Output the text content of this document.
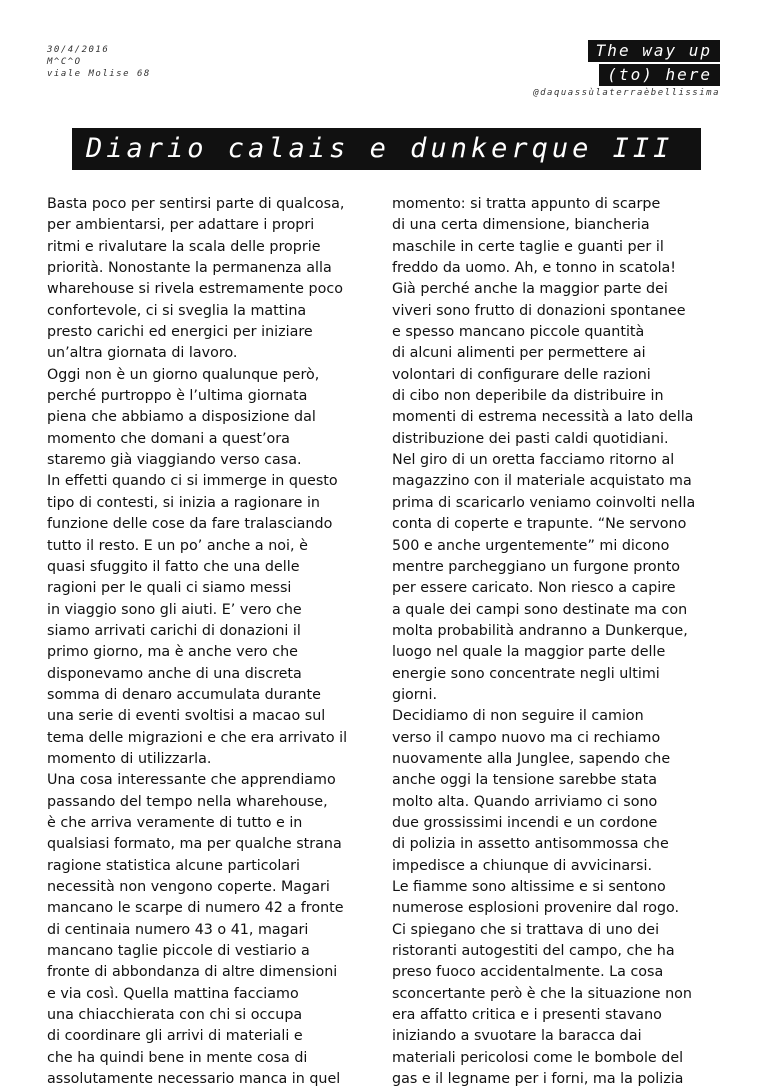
30/4/2016
M^C^O
viale Molise 68
The way up
(to) here
@daquassùlaterraèbellissima
Diario calais e dunkerque III
Basta poco per sentirsi parte di qualcosa,
per ambientarsi, per adattare i propri
ritmi e rivalutare la scala delle proprie
priorità. Nonostante la permanenza alla
wharehouse si rivela estremamente poco
confortevole, ci si sveglia la mattina
presto carichi ed energici per iniziare
un’altra giornata di lavoro.
Oggi non è un giorno qualunque però,
perché purtroppo è l’ultima giornata
piena che abbiamo a disposizione dal
momento che domani a quest’ora
staremo già viaggiando verso casa.
In effetti quando ci si immerge in questo
tipo di contesti, si inizia a ragionare in
funzione delle cose da fare tralasciando
tutto il resto. E un po’ anche a noi, è
quasi sfuggito il fatto che una delle
ragioni per le quali ci siamo messi
in viaggio sono gli aiuti. E’ vero che
siamo arrivati carichi di donazioni il
primo giorno, ma è anche vero che
disponevamo anche di una discreta
somma di denaro accumulata durante
una serie di eventi svoltisi a macao sul
tema delle migrazioni e che era arrivato il
momento di utilizzarla.
Una cosa interessante che apprendiamo
passando del tempo nella wharehouse,
è che arriva veramente di tutto e in
qualsiasi formato, ma per qualche strana
ragione statistica alcune particolari
necessità non vengono coperte. Magari
mancano le scarpe di numero 42 a fronte
di centinaia numero 43 o 41, magari
mancano taglie piccole di vestiario a
fronte di abbondanza di altre dimensioni
e via così. Quella mattina facciamo
una chiacchierata con chi si occupa
di coordinare gli arrivi di materiali e
che ha quindi bene in mente cosa di
assolutamente necessario manca in quel
momento: si tratta appunto di scarpe
di una certa dimensione, biancheria
maschile in certe taglie e guanti per il
freddo da uomo. Ah, e tonno in scatola!
Già perché anche la maggior parte dei
viveri sono frutto di donazioni spontanee
e spesso mancano piccole quantità
di alcuni alimenti per permettere ai
volontari di configurare delle razioni
di cibo non deperibile da distribuire in
momenti di estrema necessità a lato della
distribuzione dei pasti caldi quotidiani.
Nel giro di un oretta facciamo ritorno al
magazzino con il materiale acquistato ma
prima di scaricarlo veniamo coinvolti nella
conta di coperte e trapunte. “Ne servono
500 e anche urgentemente” mi dicono
mentre parcheggiano un furgone pronto
per essere caricato. Non riesco a capire
a quale dei campi sono destinate ma con
molta probabilità andranno a Dunkerque,
luogo nel quale la maggior parte delle
energie sono concentrate negli ultimi
giorni.
Decidiamo di non seguire il camion
verso il campo nuovo ma ci rechiamo
nuovamente alla Junglee, sapendo che
anche oggi la tensione sarebbe stata
molto alta. Quando arriviamo ci sono
due grossissimi incendi e un cordone
di polizia in assetto antisommossa che
impedisce a chiunque di avvicinarsi.
Le fiamme sono altissime e si sentono
numerose esplosioni provenire dal rogo.
Ci spiegano che si trattava di uno dei
ristoranti autogestiti del campo, che ha
preso fuoco accidentalmente. La cosa
sconcertante però è che la situazione non
era affatto critica e i presenti stavano
iniziando a svuotare la baracca dai
materiali pericolosi come le bombole del
gas e il legname per i forni, ma la polizia
